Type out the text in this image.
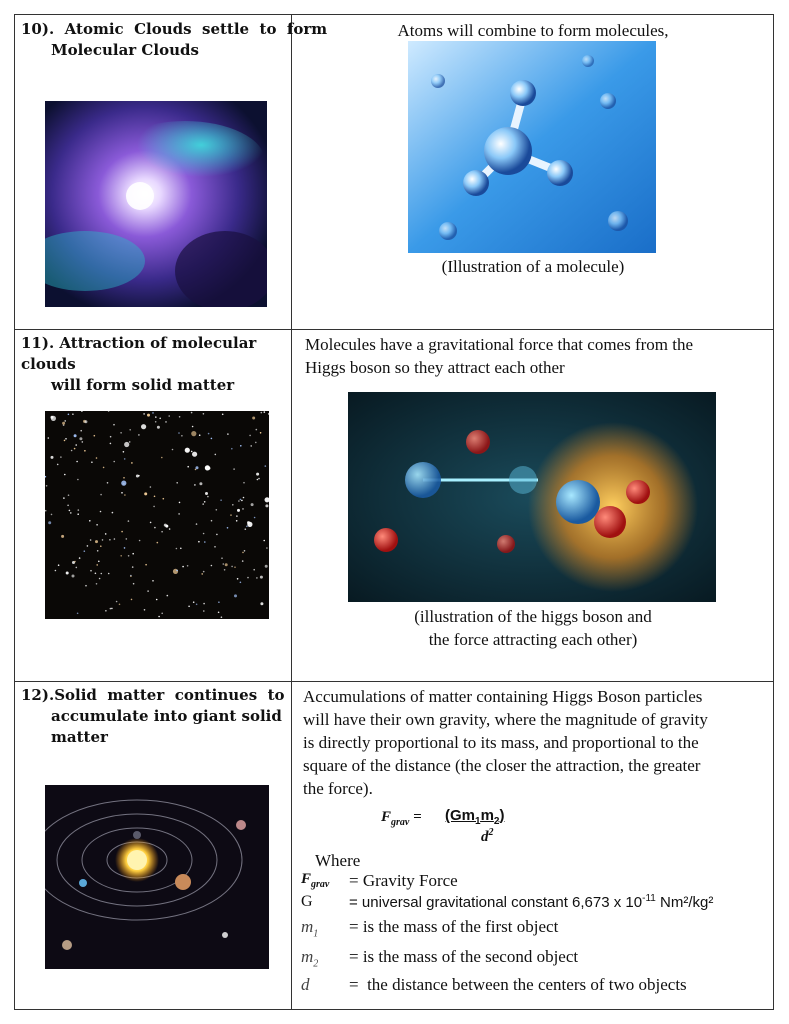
10).  Atomic  Clouds  settle  to  form

Molecular Clouds

Atoms will combine to form molecules,

(Illustration of a molecule)

11). Attraction of molecular clouds

will form solid matter

Molecules have a gravitational force that comes from the

Higgs boson so they attract each other

(illustration of the higgs boson and
the force attracting each other)

12).Solid  matter  continues  to

accumulate into giant solid

matter

Accumulations of matter containing Higgs Boson particles

will have their own gravity, where the magnitude of gravity

is directly proportional to its mass, and proportional to the

square of the distance (the closer the attraction, the greater

the force).

$F_{grav} = (Gm_1m_2)$
$d^2$
Where
$F_{grav}$ = Gravity Force
G = universal gravitational constant 6,673 x $10^{-11}$ Nm²/kg²
$m_1$ = is the mass of the first object
$m_2$ = is the mass of the second object
d =  the distance between the centers of two objects
